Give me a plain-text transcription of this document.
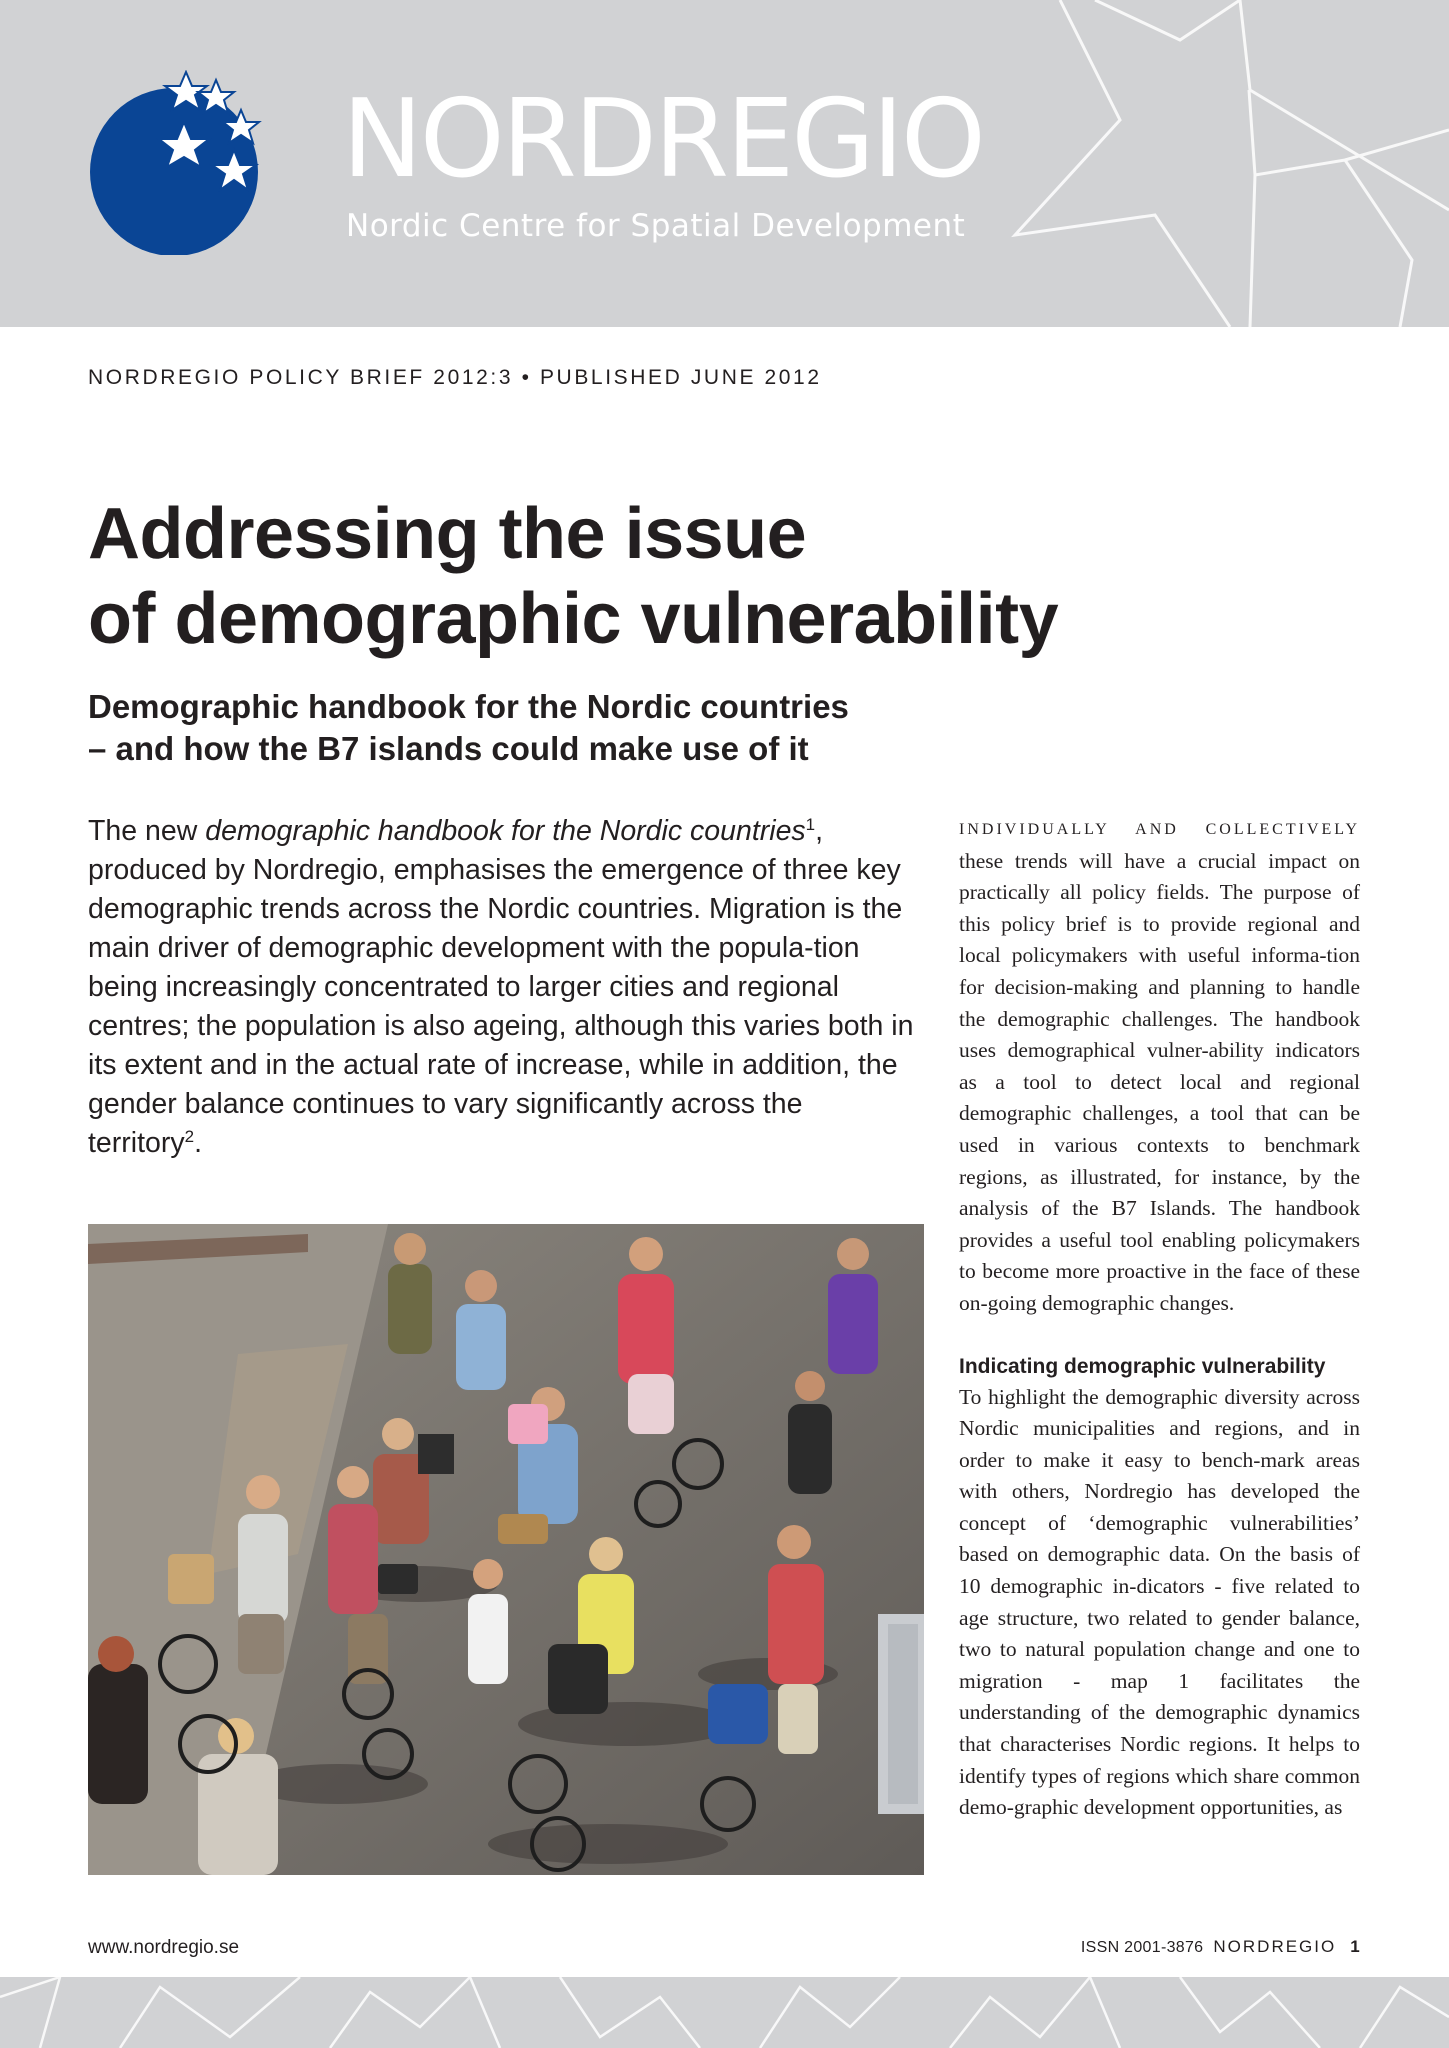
NORDREGIO
Nordic Centre for Spatial Development
NORDREGIO POLICY BRIEF 2012:3 • PUBLISHED JUNE 2012
Addressing the issue
of demographic vulnerability
Demographic handbook for the Nordic countries
– and how the B7 islands could make use of it

The new demographic handbook for the Nordic countries$^1$, produced by Nordregio, emphasises the emergence of three key demographic trends across the Nordic countries. Migration is the main driver of demographic development with the popula-tion being increasingly concentrated to larger cities and regional centres; the population is also ageing, although this varies both in its extent and in the actual rate of increase, while in addition, the gender balance continues to vary significantly across the territory$^2$.

INDIVIDUALLY AND COLLECTIVELY these trends will have a crucial impact on practically all policy fields. The purpose of this policy brief is to provide regional and local policymakers with useful informa-tion for decision-making and planning to handle the demographic challenges. The handbook uses demographical vulner-ability indicators as a tool to detect local and regional demographic challenges, a tool that can be used in various contexts to benchmark regions, as illustrated, for instance, by the analysis of the B7 Islands. The handbook provides a useful tool enabling policymakers to become more proactive in the face of these on-going demographic changes.

Indicating demographic vulnerability

To highlight the demographic diversity across Nordic municipalities and regions, and in order to make it easy to bench-mark areas with others, Nordregio has developed the concept of ‘demographic vulnerabilities’ based on demographic data. On the basis of 10 demographic in-dicators - five related to age structure, two related to gender balance, two to natural population change and one to migration - map 1 facilitates the understanding of the demographic dynamics that characterises Nordic regions. It helps to identify types of regions which share common demo-graphic development opportunities, as

www.nordregio.se	ISSN 2001-3876 NORDREGIO 1
